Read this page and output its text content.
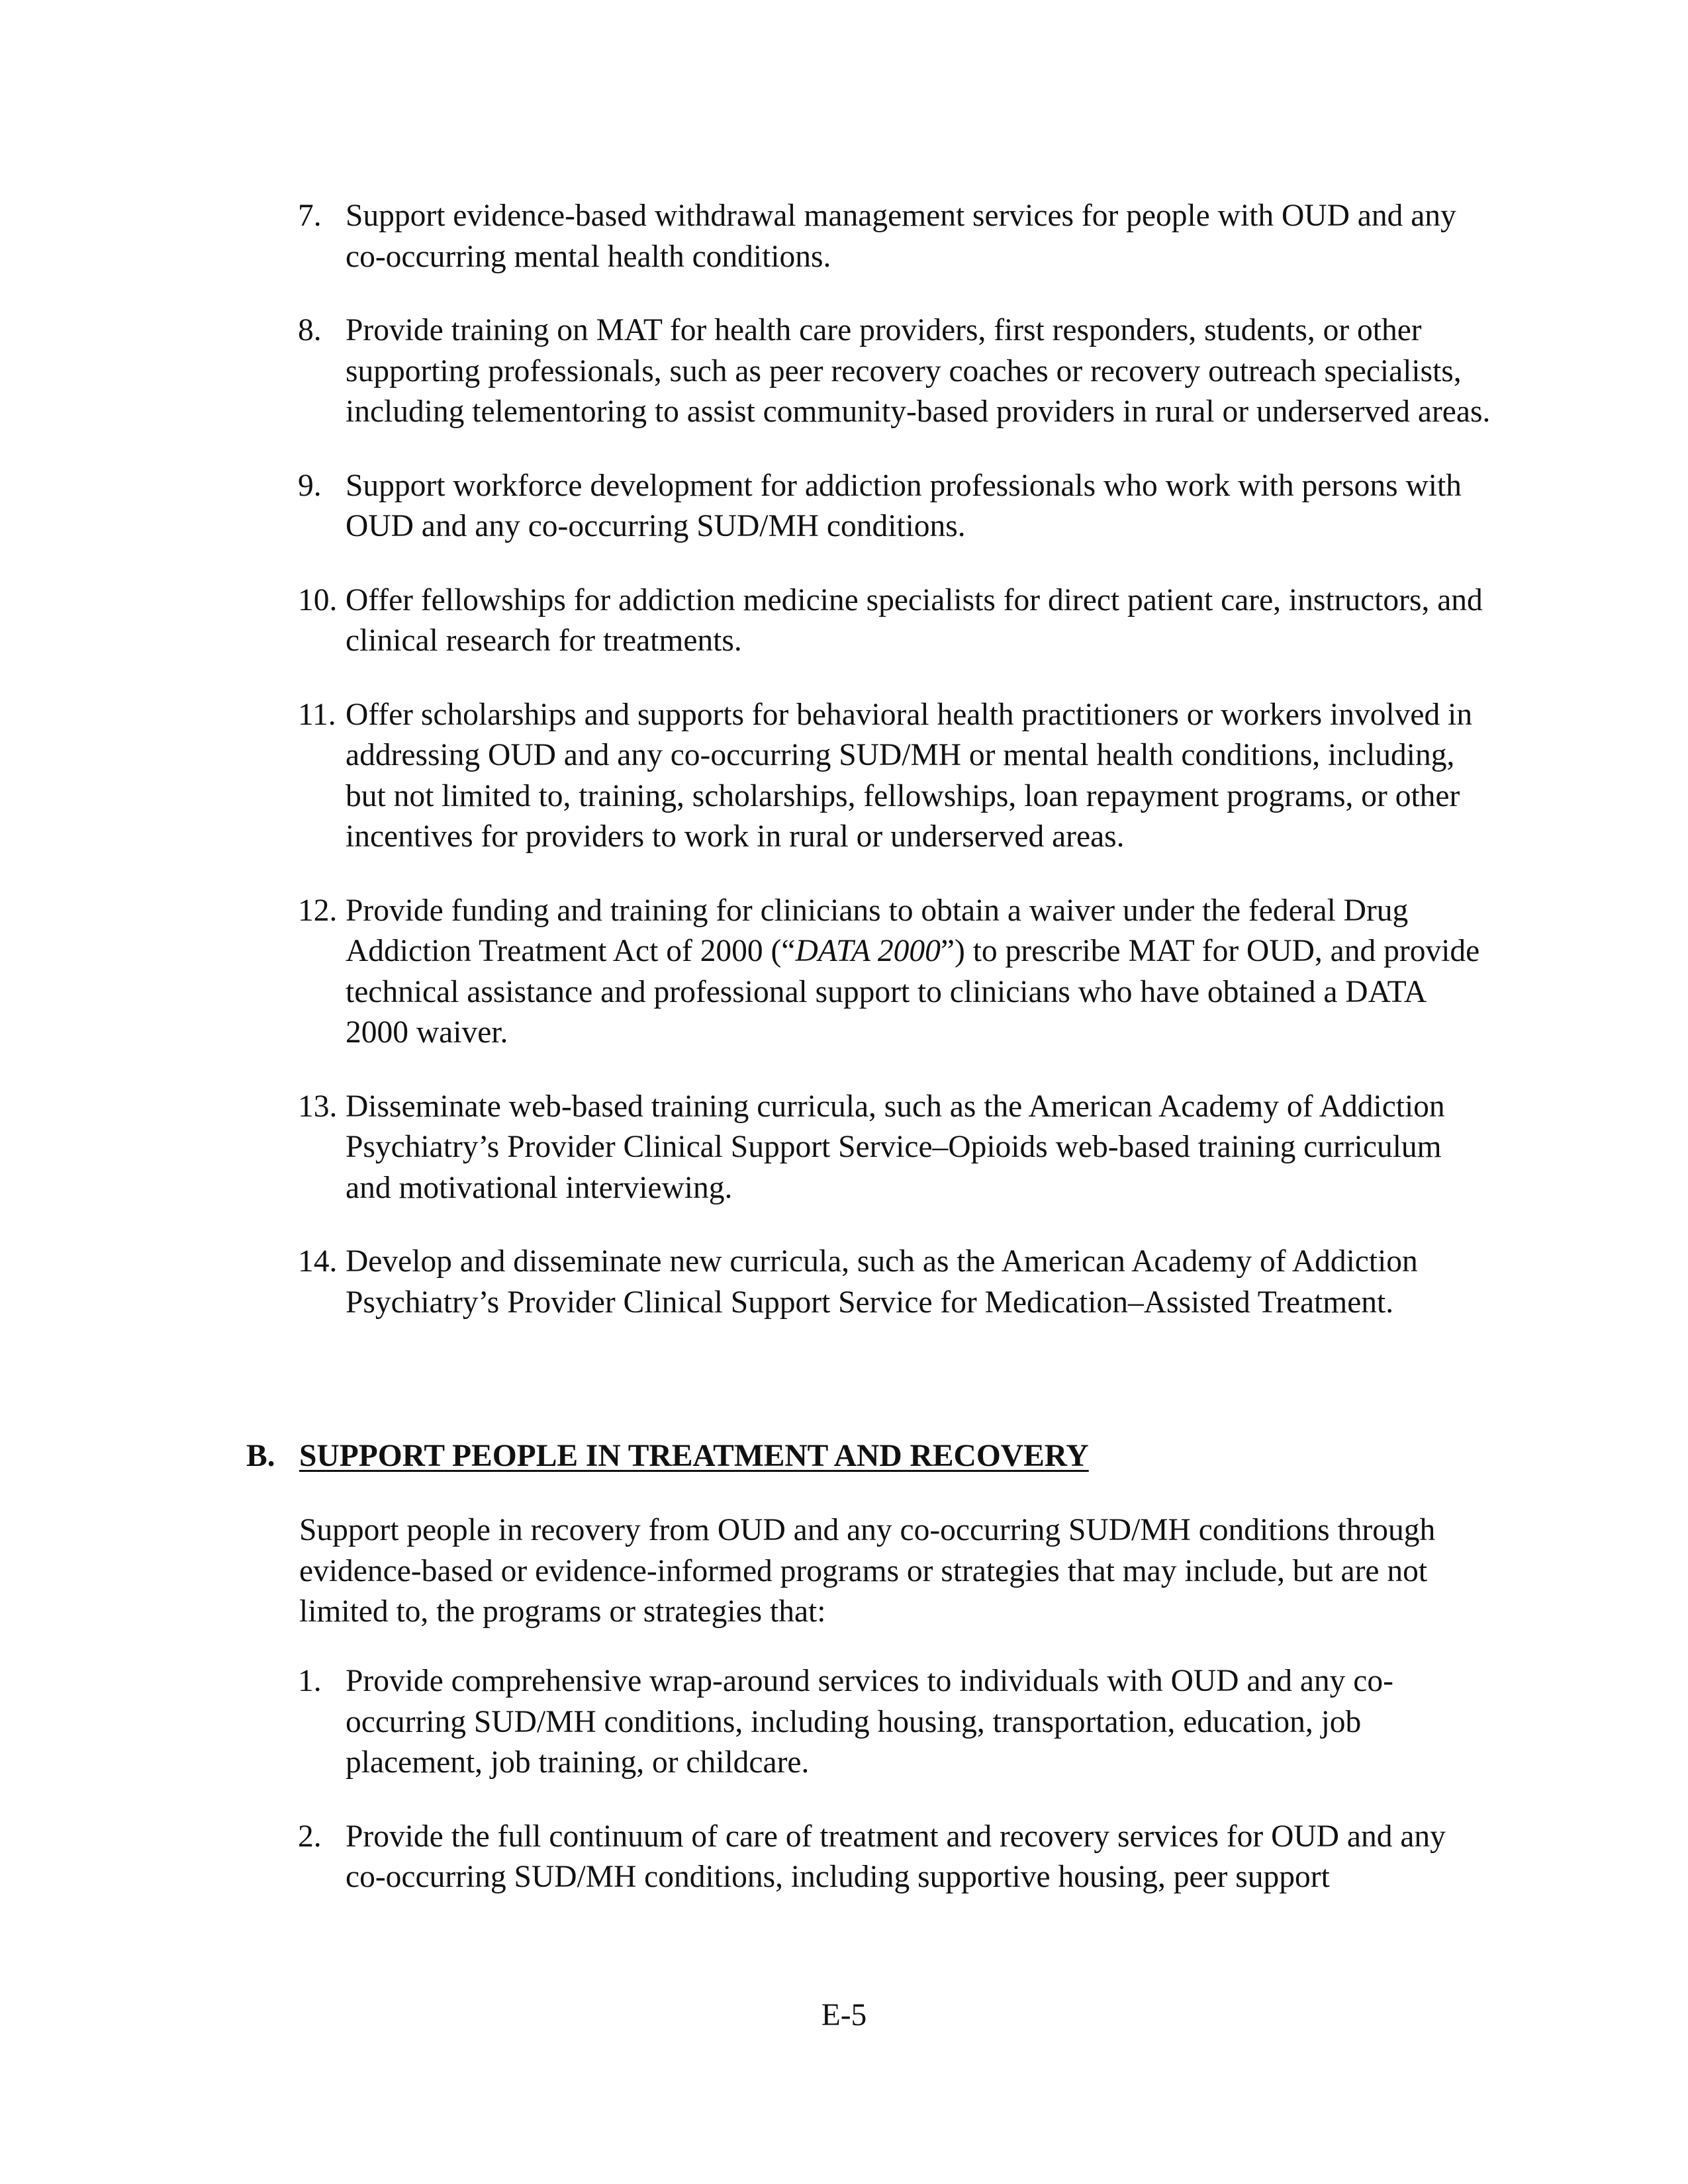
7. Support evidence-based withdrawal management services for people with OUD and any co-occurring mental health conditions.
8. Provide training on MAT for health care providers, first responders, students, or other supporting professionals, such as peer recovery coaches or recovery outreach specialists, including telementoring to assist community-based providers in rural or underserved areas.
9. Support workforce development for addiction professionals who work with persons with OUD and any co-occurring SUD/MH conditions.
10. Offer fellowships for addiction medicine specialists for direct patient care, instructors, and clinical research for treatments.
11. Offer scholarships and supports for behavioral health practitioners or workers involved in addressing OUD and any co-occurring SUD/MH or mental health conditions, including, but not limited to, training, scholarships, fellowships, loan repayment programs, or other incentives for providers to work in rural or underserved areas.
12. Provide funding and training for clinicians to obtain a waiver under the federal Drug Addiction Treatment Act of 2000 (“DATA 2000”) to prescribe MAT for OUD, and provide technical assistance and professional support to clinicians who have obtained a DATA 2000 waiver.
13. Disseminate web-based training curricula, such as the American Academy of Addiction Psychiatry’s Provider Clinical Support Service–Opioids web-based training curriculum and motivational interviewing.
14. Develop and disseminate new curricula, such as the American Academy of Addiction Psychiatry’s Provider Clinical Support Service for Medication–Assisted Treatment.
B. SUPPORT PEOPLE IN TREATMENT AND RECOVERY
Support people in recovery from OUD and any co-occurring SUD/MH conditions through evidence-based or evidence-informed programs or strategies that may include, but are not limited to, the programs or strategies that:
1. Provide comprehensive wrap-around services to individuals with OUD and any co-occurring SUD/MH conditions, including housing, transportation, education, job placement, job training, or childcare.
2. Provide the full continuum of care of treatment and recovery services for OUD and any co-occurring SUD/MH conditions, including supportive housing, peer support
E-5
